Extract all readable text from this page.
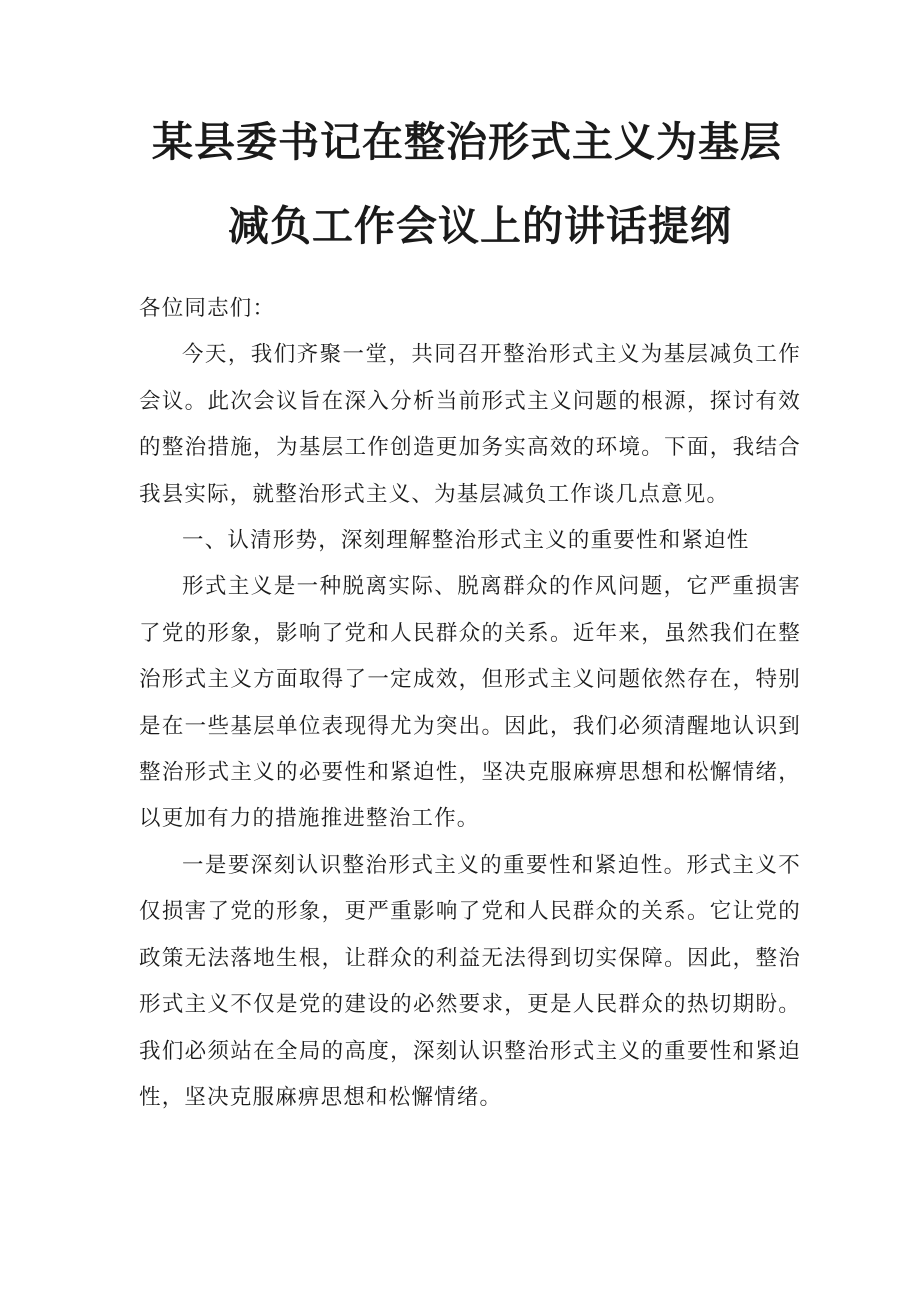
某县委书记在整治形式主义为基层
减负工作会议上的讲话提纲

各位同志们：

今天，我们齐聚一堂，共同召开整治形式主义为基层减负工作会议。此次会议旨在深入分析当前形式主义问题的根源，探讨有效的整治措施，为基层工作创造更加务实高效的环境。下面，我结合我县实际，就整治形式主义、为基层减负工作谈几点意见。

一、认清形势，深刻理解整治形式主义的重要性和紧迫性

形式主义是一种脱离实际、脱离群众的作风问题，它严重损害了党的形象，影响了党和人民群众的关系。近年来，虽然我们在整治形式主义方面取得了一定成效，但形式主义问题依然存在，特别是在一些基层单位表现得尤为突出。因此，我们必须清醒地认识到整治形式主义的必要性和紧迫性，坚决克服麻痹思想和松懈情绪，以更加有力的措施推进整治工作。

一是要深刻认识整治形式主义的重要性和紧迫性。形式主义不仅损害了党的形象，更严重影响了党和人民群众的关系。它让党的政策无法落地生根，让群众的利益无法得到切实保障。因此，整治形式主义不仅是党的建设的必然要求，更是人民群众的热切期盼。我们必须站在全局的高度，深刻认识整治形式主义的重要性和紧迫性，坚决克服麻痹思想和松懈情绪。
